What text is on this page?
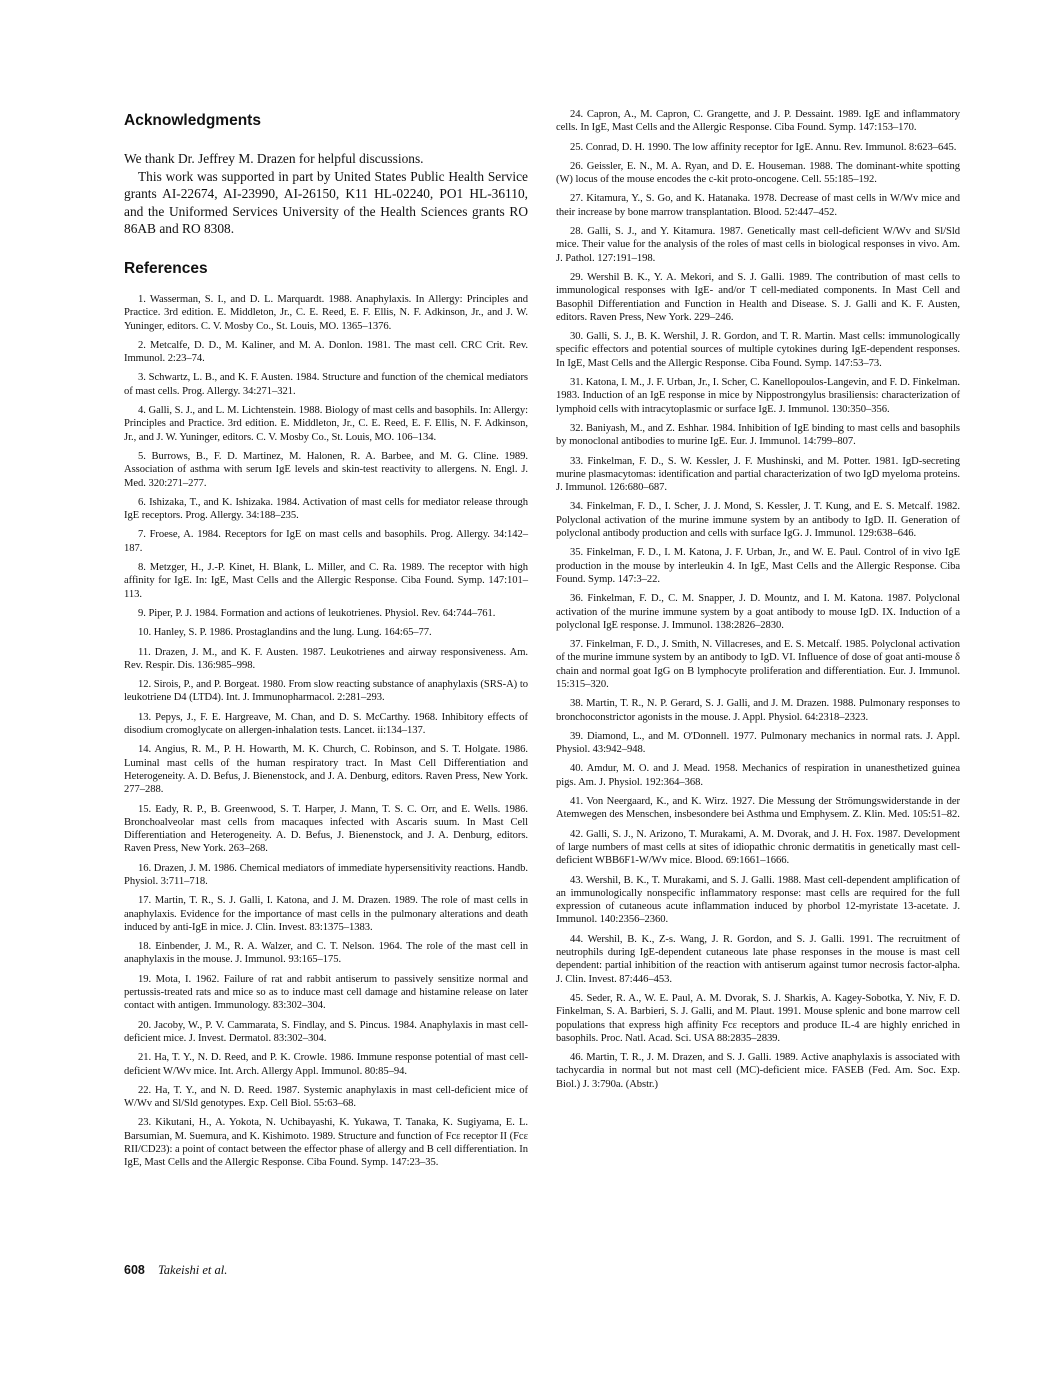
Acknowledgments

We thank Dr. Jeffrey M. Drazen for helpful discussions.

This work was supported in part by United States Public Health Service grants AI-22674, AI-23990, AI-26150, K11 HL-02240, PO1 HL-36110, and the Uniformed Services University of the Health Sciences grants RO 86AB and RO 8308.

References
1. Wasserman, S. I., and D. L. Marquardt. 1988. Anaphylaxis. In Allergy: Principles and Practice. 3rd edition. E. Middleton, Jr., C. E. Reed, E. F. Ellis, N. F. Adkinson, Jr., and J. W. Yuninger, editors. C. V. Mosby Co., St. Louis, MO. 1365–1376.
2. Metcalfe, D. D., M. Kaliner, and M. A. Donlon. 1981. The mast cell. CRC Crit. Rev. Immunol. 2:23–74.
3. Schwartz, L. B., and K. F. Austen. 1984. Structure and function of the chemical mediators of mast cells. Prog. Allergy. 34:271–321.
4. Galli, S. J., and L. M. Lichtenstein. 1988. Biology of mast cells and basophils. In: Allergy: Principles and Practice. 3rd edition. E. Middleton, Jr., C. E. Reed, E. F. Ellis, N. F. Adkinson, Jr., and J. W. Yuninger, editors. C. V. Mosby Co., St. Louis, MO. 106–134.
5. Burrows, B., F. D. Martinez, M. Halonen, R. A. Barbee, and M. G. Cline. 1989. Association of asthma with serum IgE levels and skin-test reactivity to allergens. N. Engl. J. Med. 320:271–277.
6. Ishizaka, T., and K. Ishizaka. 1984. Activation of mast cells for mediator release through IgE receptors. Prog. Allergy. 34:188–235.
7. Froese, A. 1984. Receptors for IgE on mast cells and basophils. Prog. Allergy. 34:142–187.
8. Metzger, H., J.-P. Kinet, H. Blank, L. Miller, and C. Ra. 1989. The receptor with high affinity for IgE. In: IgE, Mast Cells and the Allergic Response. Ciba Found. Symp. 147:101–113.
9. Piper, P. J. 1984. Formation and actions of leukotrienes. Physiol. Rev. 64:744–761.
10. Hanley, S. P. 1986. Prostaglandins and the lung. Lung. 164:65–77.
11. Drazen, J. M., and K. F. Austen. 1987. Leukotrienes and airway responsiveness. Am. Rev. Respir. Dis. 136:985–998.
12. Sirois, P., and P. Borgeat. 1980. From slow reacting substance of anaphylaxis (SRS-A) to leukotriene D4 (LTD4). Int. J. Immunopharmacol. 2:281–293.
13. Pepys, J., F. E. Hargreave, M. Chan, and D. S. McCarthy. 1968. Inhibitory effects of disodium cromoglycate on allergen-inhalation tests. Lancet. ii:134–137.
14. Angius, R. M., P. H. Howarth, M. K. Church, C. Robinson, and S. T. Holgate. 1986. Luminal mast cells of the human respiratory tract. In Mast Cell Differentiation and Heterogeneity. A. D. Befus, J. Bienenstock, and J. A. Denburg, editors. Raven Press, New York. 277–288.
15. Eady, R. P., B. Greenwood, S. T. Harper, J. Mann, T. S. C. Orr, and E. Wells. 1986. Bronchoalveolar mast cells from macaques infected with Ascaris suum. In Mast Cell Differentiation and Heterogeneity. A. D. Befus, J. Bienenstock, and J. A. Denburg, editors. Raven Press, New York. 263–268.
16. Drazen, J. M. 1986. Chemical mediators of immediate hypersensitivity reactions. Handb. Physiol. 3:711–718.
17. Martin, T. R., S. J. Galli, I. Katona, and J. M. Drazen. 1989. The role of mast cells in anaphylaxis. Evidence for the importance of mast cells in the pulmonary alterations and death induced by anti-IgE in mice. J. Clin. Invest. 83:1375–1383.
18. Einbender, J. M., R. A. Walzer, and C. T. Nelson. 1964. The role of the mast cell in anaphylaxis in the mouse. J. Immunol. 93:165–175.
19. Mota, I. 1962. Failure of rat and rabbit antiserum to passively sensitize normal and pertussis-treated rats and mice so as to induce mast cell damage and histamine release on later contact with antigen. Immunology. 83:302–304.
20. Jacoby, W., P. V. Cammarata, S. Findlay, and S. Pincus. 1984. Anaphylaxis in mast cell-deficient mice. J. Invest. Dermatol. 83:302–304.
21. Ha, T. Y., N. D. Reed, and P. K. Crowle. 1986. Immune response potential of mast cell-deficient W/Wv mice. Int. Arch. Allergy Appl. Immunol. 80:85–94.
22. Ha, T. Y., and N. D. Reed. 1987. Systemic anaphylaxis in mast cell-deficient mice of W/Wv and Sl/Sld genotypes. Exp. Cell Biol. 55:63–68.
23. Kikutani, H., A. Yokota, N. Uchibayashi, K. Yukawa, T. Tanaka, K. Sugiyama, E. L. Barsumian, M. Suemura, and K. Kishimoto. 1989. Structure and function of Fcε receptor II (Fcε RII/CD23): a point of contact between the effector phase of allergy and B cell differentiation. In IgE, Mast Cells and the Allergic Response. Ciba Found. Symp. 147:23–35.
24. Capron, A., M. Capron, C. Grangette, and J. P. Dessaint. 1989. IgE and inflammatory cells. In IgE, Mast Cells and the Allergic Response. Ciba Found. Symp. 147:153–170.
25. Conrad, D. H. 1990. The low affinity receptor for IgE. Annu. Rev. Immunol. 8:623–645.
26. Geissler, E. N., M. A. Ryan, and D. E. Houseman. 1988. The dominant-white spotting (W) locus of the mouse encodes the c-kit proto-oncogene. Cell. 55:185–192.
27. Kitamura, Y., S. Go, and K. Hatanaka. 1978. Decrease of mast cells in W/Wv mice and their increase by bone marrow transplantation. Blood. 52:447–452.
28. Galli, S. J., and Y. Kitamura. 1987. Genetically mast cell-deficient W/Wv and Sl/Sld mice. Their value for the analysis of the roles of mast cells in biological responses in vivo. Am. J. Pathol. 127:191–198.
29. Wershil B. K., Y. A. Mekori, and S. J. Galli. 1989. The contribution of mast cells to immunological responses with IgE- and/or T cell-mediated components. In Mast Cell and Basophil Differentiation and Function in Health and Disease. S. J. Galli and K. F. Austen, editors. Raven Press, New York. 229–246.
30. Galli, S. J., B. K. Wershil, J. R. Gordon, and T. R. Martin. Mast cells: immunologically specific effectors and potential sources of multiple cytokines during IgE-dependent responses. In IgE, Mast Cells and the Allergic Response. Ciba Found. Symp. 147:53–73.
31. Katona, I. M., J. F. Urban, Jr., I. Scher, C. Kanellopoulos-Langevin, and F. D. Finkelman. 1983. Induction of an IgE response in mice by Nippostrongylus brasiliensis: characterization of lymphoid cells with intracytoplasmic or surface IgE. J. Immunol. 130:350–356.
32. Baniyash, M., and Z. Eshhar. 1984. Inhibition of IgE binding to mast cells and basophils by monoclonal antibodies to murine IgE. Eur. J. Immunol. 14:799–807.
33. Finkelman, F. D., S. W. Kessler, J. F. Mushinski, and M. Potter. 1981. IgD-secreting murine plasmacytomas: identification and partial characterization of two IgD myeloma proteins. J. Immunol. 126:680–687.
34. Finkelman, F. D., I. Scher, J. J. Mond, S. Kessler, J. T. Kung, and E. S. Metcalf. 1982. Polyclonal activation of the murine immune system by an antibody to IgD. II. Generation of polyclonal antibody production and cells with surface IgG. J. Immunol. 129:638–646.
35. Finkelman, F. D., I. M. Katona, J. F. Urban, Jr., and W. E. Paul. Control of in vivo IgE production in the mouse by interleukin 4. In IgE, Mast Cells and the Allergic Response. Ciba Found. Symp. 147:3–22.
36. Finkelman, F. D., C. M. Snapper, J. D. Mountz, and I. M. Katona. 1987. Polyclonal activation of the murine immune system by a goat antibody to mouse IgD. IX. Induction of a polyclonal IgE response. J. Immunol. 138:2826–2830.
37. Finkelman, F. D., J. Smith, N. Villacreses, and E. S. Metcalf. 1985. Polyclonal activation of the murine immune system by an antibody to IgD. VI. Influence of dose of goat anti-mouse δ chain and normal goat IgG on B lymphocyte proliferation and differentiation. Eur. J. Immunol. 15:315–320.
38. Martin, T. R., N. P. Gerard, S. J. Galli, and J. M. Drazen. 1988. Pulmonary responses to bronchoconstrictor agonists in the mouse. J. Appl. Physiol. 64:2318–2323.
39. Diamond, L., and M. O'Donnell. 1977. Pulmonary mechanics in normal rats. J. Appl. Physiol. 43:942–948.
40. Amdur, M. O. and J. Mead. 1958. Mechanics of respiration in unanesthetized guinea pigs. Am. J. Physiol. 192:364–368.
41. Von Neergaard, K., and K. Wirz. 1927. Die Messung der Strömungswiderstande in der Atemwegen des Menschen, insbesondere bei Asthma und Emphysem. Z. Klin. Med. 105:51–82.
42. Galli, S. J., N. Arizono, T. Murakami, A. M. Dvorak, and J. H. Fox. 1987. Development of large numbers of mast cells at sites of idiopathic chronic dermatitis in genetically mast cell-deficient WBB6F1-W/Wv mice. Blood. 69:1661–1666.
43. Wershil, B. K., T. Murakami, and S. J. Galli. 1988. Mast cell-dependent amplification of an immunologically nonspecific inflammatory response: mast cells are required for the full expression of cutaneous acute inflammation induced by phorbol 12-myristate 13-acetate. J. Immunol. 140:2356–2360.
44. Wershil, B. K., Z-s. Wang, J. R. Gordon, and S. J. Galli. 1991. The recruitment of neutrophils during IgE-dependent cutaneous late phase responses in the mouse is mast cell dependent: partial inhibition of the reaction with antiserum against tumor necrosis factor-alpha. J. Clin. Invest. 87:446–453.
45. Seder, R. A., W. E. Paul, A. M. Dvorak, S. J. Sharkis, A. Kagey-Sobotka, Y. Niv, F. D. Finkelman, S. A. Barbieri, S. J. Galli, and M. Plaut. 1991. Mouse splenic and bone marrow cell populations that express high affinity Fcε receptors and produce IL-4 are highly enriched in basophils. Proc. Natl. Acad. Sci. USA 88:2835–2839.
46. Martin, T. R., J. M. Drazen, and S. J. Galli. 1989. Active anaphylaxis is associated with tachycardia in normal but not mast cell (MC)-deficient mice. FASEB (Fed. Am. Soc. Exp. Biol.) J. 3:790a. (Abstr.)
608 Takeishi et al.
